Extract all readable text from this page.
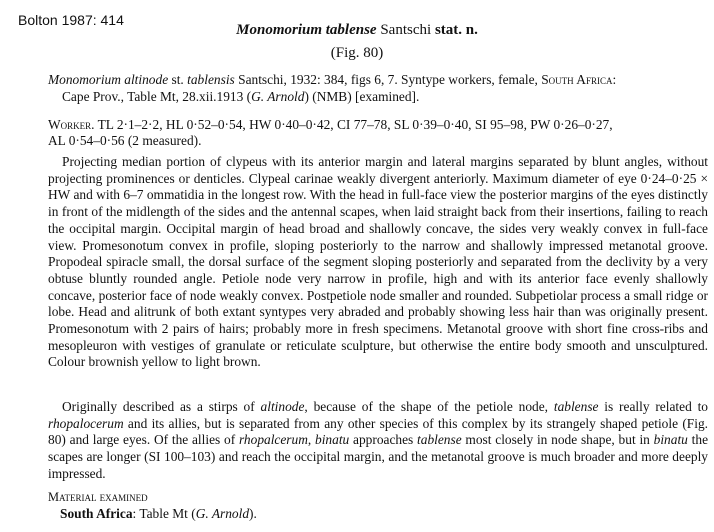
Bolton 1987: 414
Monomorium tablense Santschi stat. n.
(Fig. 80)
Monomorium altinode st. tablensis Santschi, 1932: 384, figs 6, 7. Syntype workers, female, South Africa:
Cape Prov., Table Mt, 28.xii.1913 (G. Arnold) (NMB) [examined].
Worker. TL 2·1–2·2, HL 0·52–0·54, HW 0·40–0·42, CI 77–78, SL 0·39–0·40, SI 95–98, PW 0·26–0·27,
AL 0·54–0·56 (2 measured).

Projecting median portion of clypeus with its anterior margin and lateral margins separated by blunt angles, without projecting prominences or denticles. Clypeal carinae weakly divergent anteriorly. Maximum diameter of eye 0·24–0·25 × HW and with 6–7 ommatidia in the longest row. With the head in full-face view the posterior margins of the eyes distinctly in front of the midlength of the sides and the antennal scapes, when laid straight back from their insertions, failing to reach the occipital margin. Occipital margin of head broad and shallowly concave, the sides very weakly convex in full-face view. Promesonotum convex in profile, sloping posteriorly to the narrow and shallowly impressed metanotal groove. Propodeal spiracle small, the dorsal surface of the segment sloping posteriorly and separated from the declivity by a very obtuse bluntly rounded angle. Petiole node very narrow in profile, high and with its anterior face evenly shallowly concave, posterior face of node weakly convex. Postpetiole node smaller and rounded. Subpetiolar process a small ridge or lobe. Head and alitrunk of both extant syntypes very abraded and probably showing less hair than was originally present. Promesonotum with 2 pairs of hairs; probably more in fresh specimens. Metanotal groove with short fine cross-ribs and mesopleuron with vestiges of granulate or reticulate sculpture, but otherwise the entire body smooth and unsculptured. Colour brownish yellow to light brown.

Originally described as a stirps of altinode, because of the shape of the petiole node, tablense is really related to rhopalocerum and its allies, but is separated from any other species of this complex by its strangely shaped petiole (Fig. 80) and large eyes. Of the allies of rhopalcerum, binatu approaches tablense most closely in node shape, but in binatu the scapes are longer (SI 100–103) and reach the occipital margin, and the metanotal groove is much broader and more deeply impressed.

Material examined
South Africa: Table Mt (G. Arnold).
